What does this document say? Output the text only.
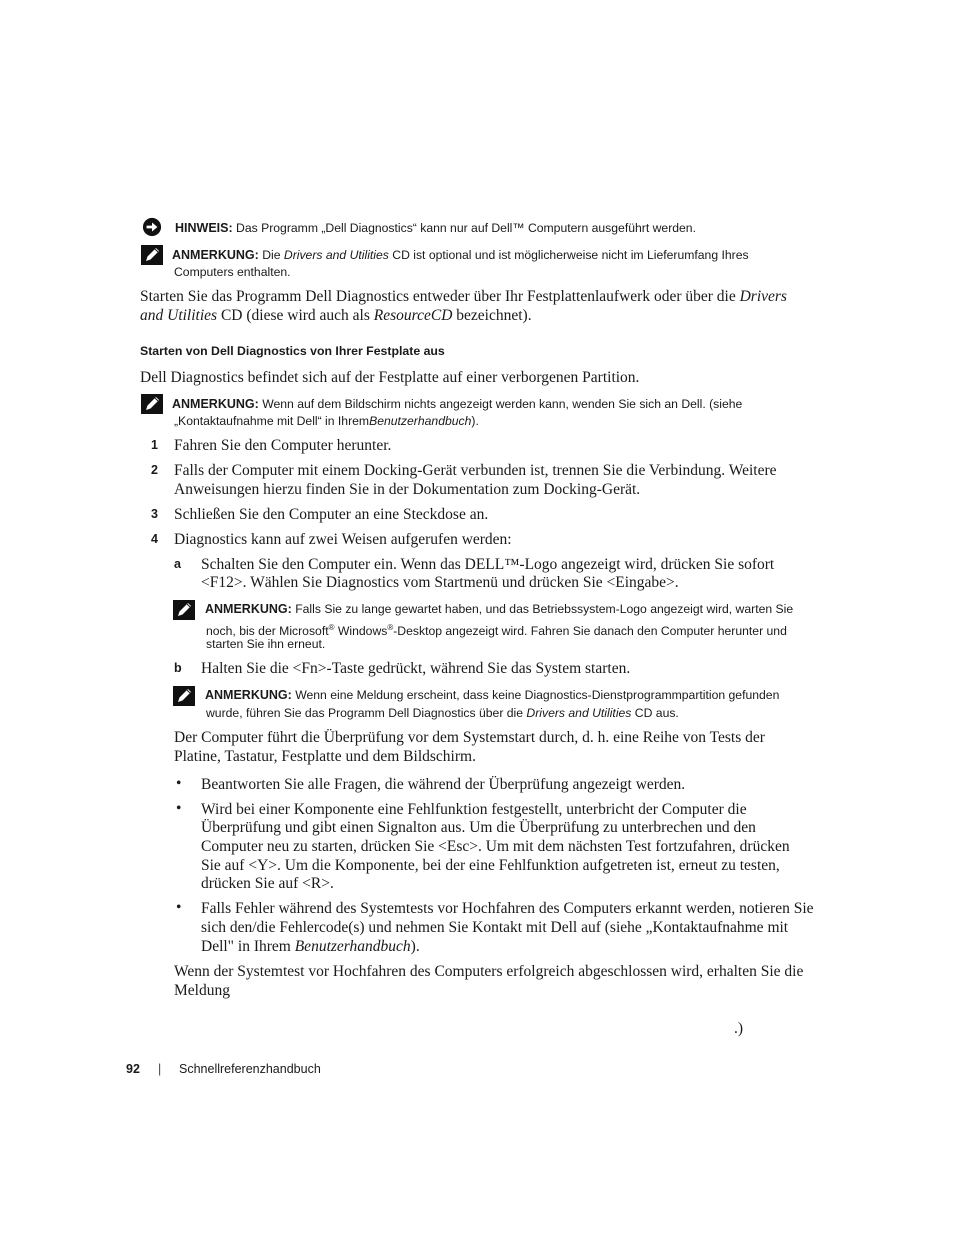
HINWEIS: Das Programm „Dell Diagnostics“ kann nur auf Dell™ Computern ausgeführt werden.
ANMERKUNG: Die Drivers and Utilities CD ist optional und ist möglicherweise nicht im Lieferumfang Ihres
Computers enthalten.
Starten Sie das Programm Dell Diagnostics entweder über Ihr Festplattenlaufwerk oder über die Drivers
and Utilities CD (diese wird auch als ResourceCD bezeichnet).
Starten von Dell Diagnostics von Ihrer Festplate aus
Dell Diagnostics befindet sich auf der Festplatte auf einer verborgenen Partition.
ANMERKUNG: Wenn auf dem Bildschirm nichts angezeigt werden kann, wenden Sie sich an Dell. (siehe
„Kontaktaufnahme mit Dell“ in IhremBenutzerhandbuch).
1 Fahren Sie den Computer herunter.
2 Falls der Computer mit einem Docking-Gerät verbunden ist, trennen Sie die Verbindung. Weitere
Anweisungen hierzu finden Sie in der Dokumentation zum Docking-Gerät.
3 Schließen Sie den Computer an eine Steckdose an.
4 Diagnostics kann auf zwei Weisen aufgerufen werden:
a Schalten Sie den Computer ein. Wenn das DELL™-Logo angezeigt wird, drücken Sie sofort
<F12>. Wählen Sie Diagnostics vom Startmenü und drücken Sie <Eingabe>.
ANMERKUNG: Falls Sie zu lange gewartet haben, und das Betriebssystem-Logo angezeigt wird, warten Sie
noch, bis der Microsoft® Windows®-Desktop angezeigt wird. Fahren Sie danach den Computer herunter und
starten Sie ihn erneut.
b Halten Sie die <Fn>-Taste gedrückt, während Sie das System starten.
ANMERKUNG: Wenn eine Meldung erscheint, dass keine Diagnostics-Dienstprogrammpartition gefunden
wurde, führen Sie das Programm Dell Diagnostics über die Drivers and Utilities CD aus.
Der Computer führt die Überprüfung vor dem Systemstart durch, d. h. eine Reihe von Tests der
Platine, Tastatur, Festplatte und dem Bildschirm.
• Beantworten Sie alle Fragen, die während der Überprüfung angezeigt werden.
• Wird bei einer Komponente eine Fehlfunktion festgestellt, unterbricht der Computer die
Überprüfung und gibt einen Signalton aus. Um die Überprüfung zu unterbrechen und den
Computer neu zu starten, drücken Sie <Esc>. Um mit dem nächsten Test fortzufahren, drücken
Sie auf <Y>. Um die Komponente, bei der eine Fehlfunktion aufgetreten ist, erneut zu testen,
drücken Sie auf <R>.
• Falls Fehler während des Systemtests vor Hochfahren des Computers erkannt werden, notieren Sie
sich den/die Fehlercode(s) und nehmen Sie Kontakt mit Dell auf (siehe „Kontaktaufnahme mit
Dell" in Ihrem Benutzerhandbuch).
Wenn der Systemtest vor Hochfahren des Computers erfolgreich abgeschlossen wird, erhalten Sie die
Meldung
.)
92 | Schnellreferenzhandbuch
